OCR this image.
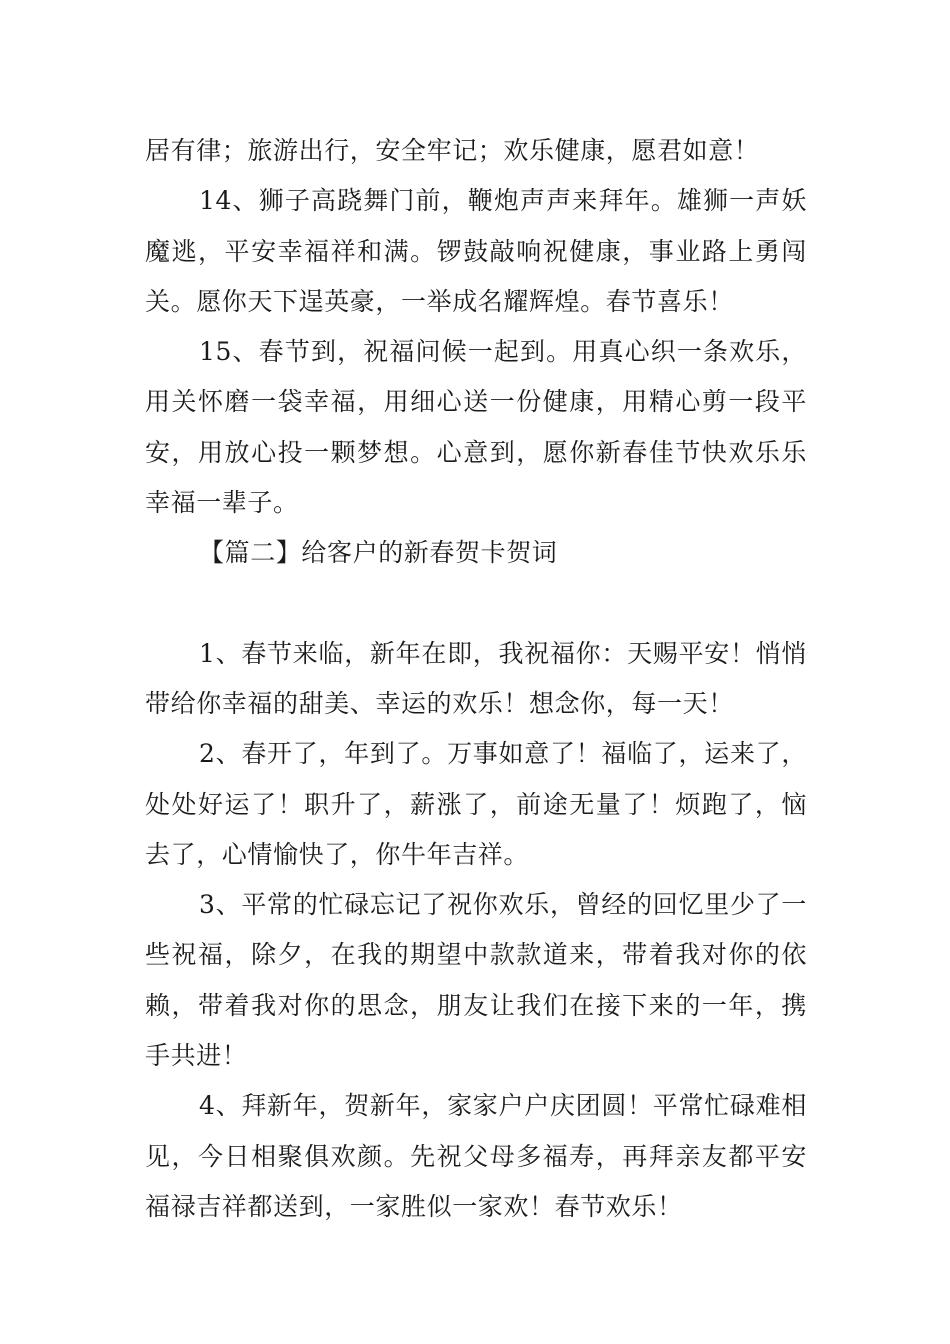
居有律；旅游出行，安全牢记；欢乐健康，愿君如意！

14、狮子高跷舞门前，鞭炮声声来拜年。雄狮一声妖魔逃，平安幸福祥和满。锣鼓敲响祝健康，事业路上勇闯关。愿你天下逞英豪，一举成名耀辉煌。春节喜乐！

15、春节到，祝福问候一起到。用真心织一条欢乐，用关怀磨一袋幸福，用细心送一份健康，用精心剪一段平安，用放心投一颗梦想。心意到，愿你新春佳节快欢乐乐幸福一辈子。

【篇二】给客户的新春贺卡贺词

1、春节来临，新年在即，我祝福你：天赐平安！悄悄带给你幸福的甜美、幸运的欢乐！想念你，每一天！

2、春开了，年到了。万事如意了！福临了，运来了，处处好运了！职升了，薪涨了，前途无量了！烦跑了，恼去了，心情愉快了，你牛年吉祥。

3、平常的忙碌忘记了祝你欢乐，曾经的回忆里少了一些祝福，除夕，在我的期望中款款道来，带着我对你的依赖，带着我对你的思念，朋友让我们在接下来的一年，携手共进！

4、拜新年，贺新年，家家户户庆团圆！平常忙碌难相见，今日相聚俱欢颜。先祝父母多福寿，再拜亲友都平安福禄吉祥都送到，一家胜似一家欢！春节欢乐！
